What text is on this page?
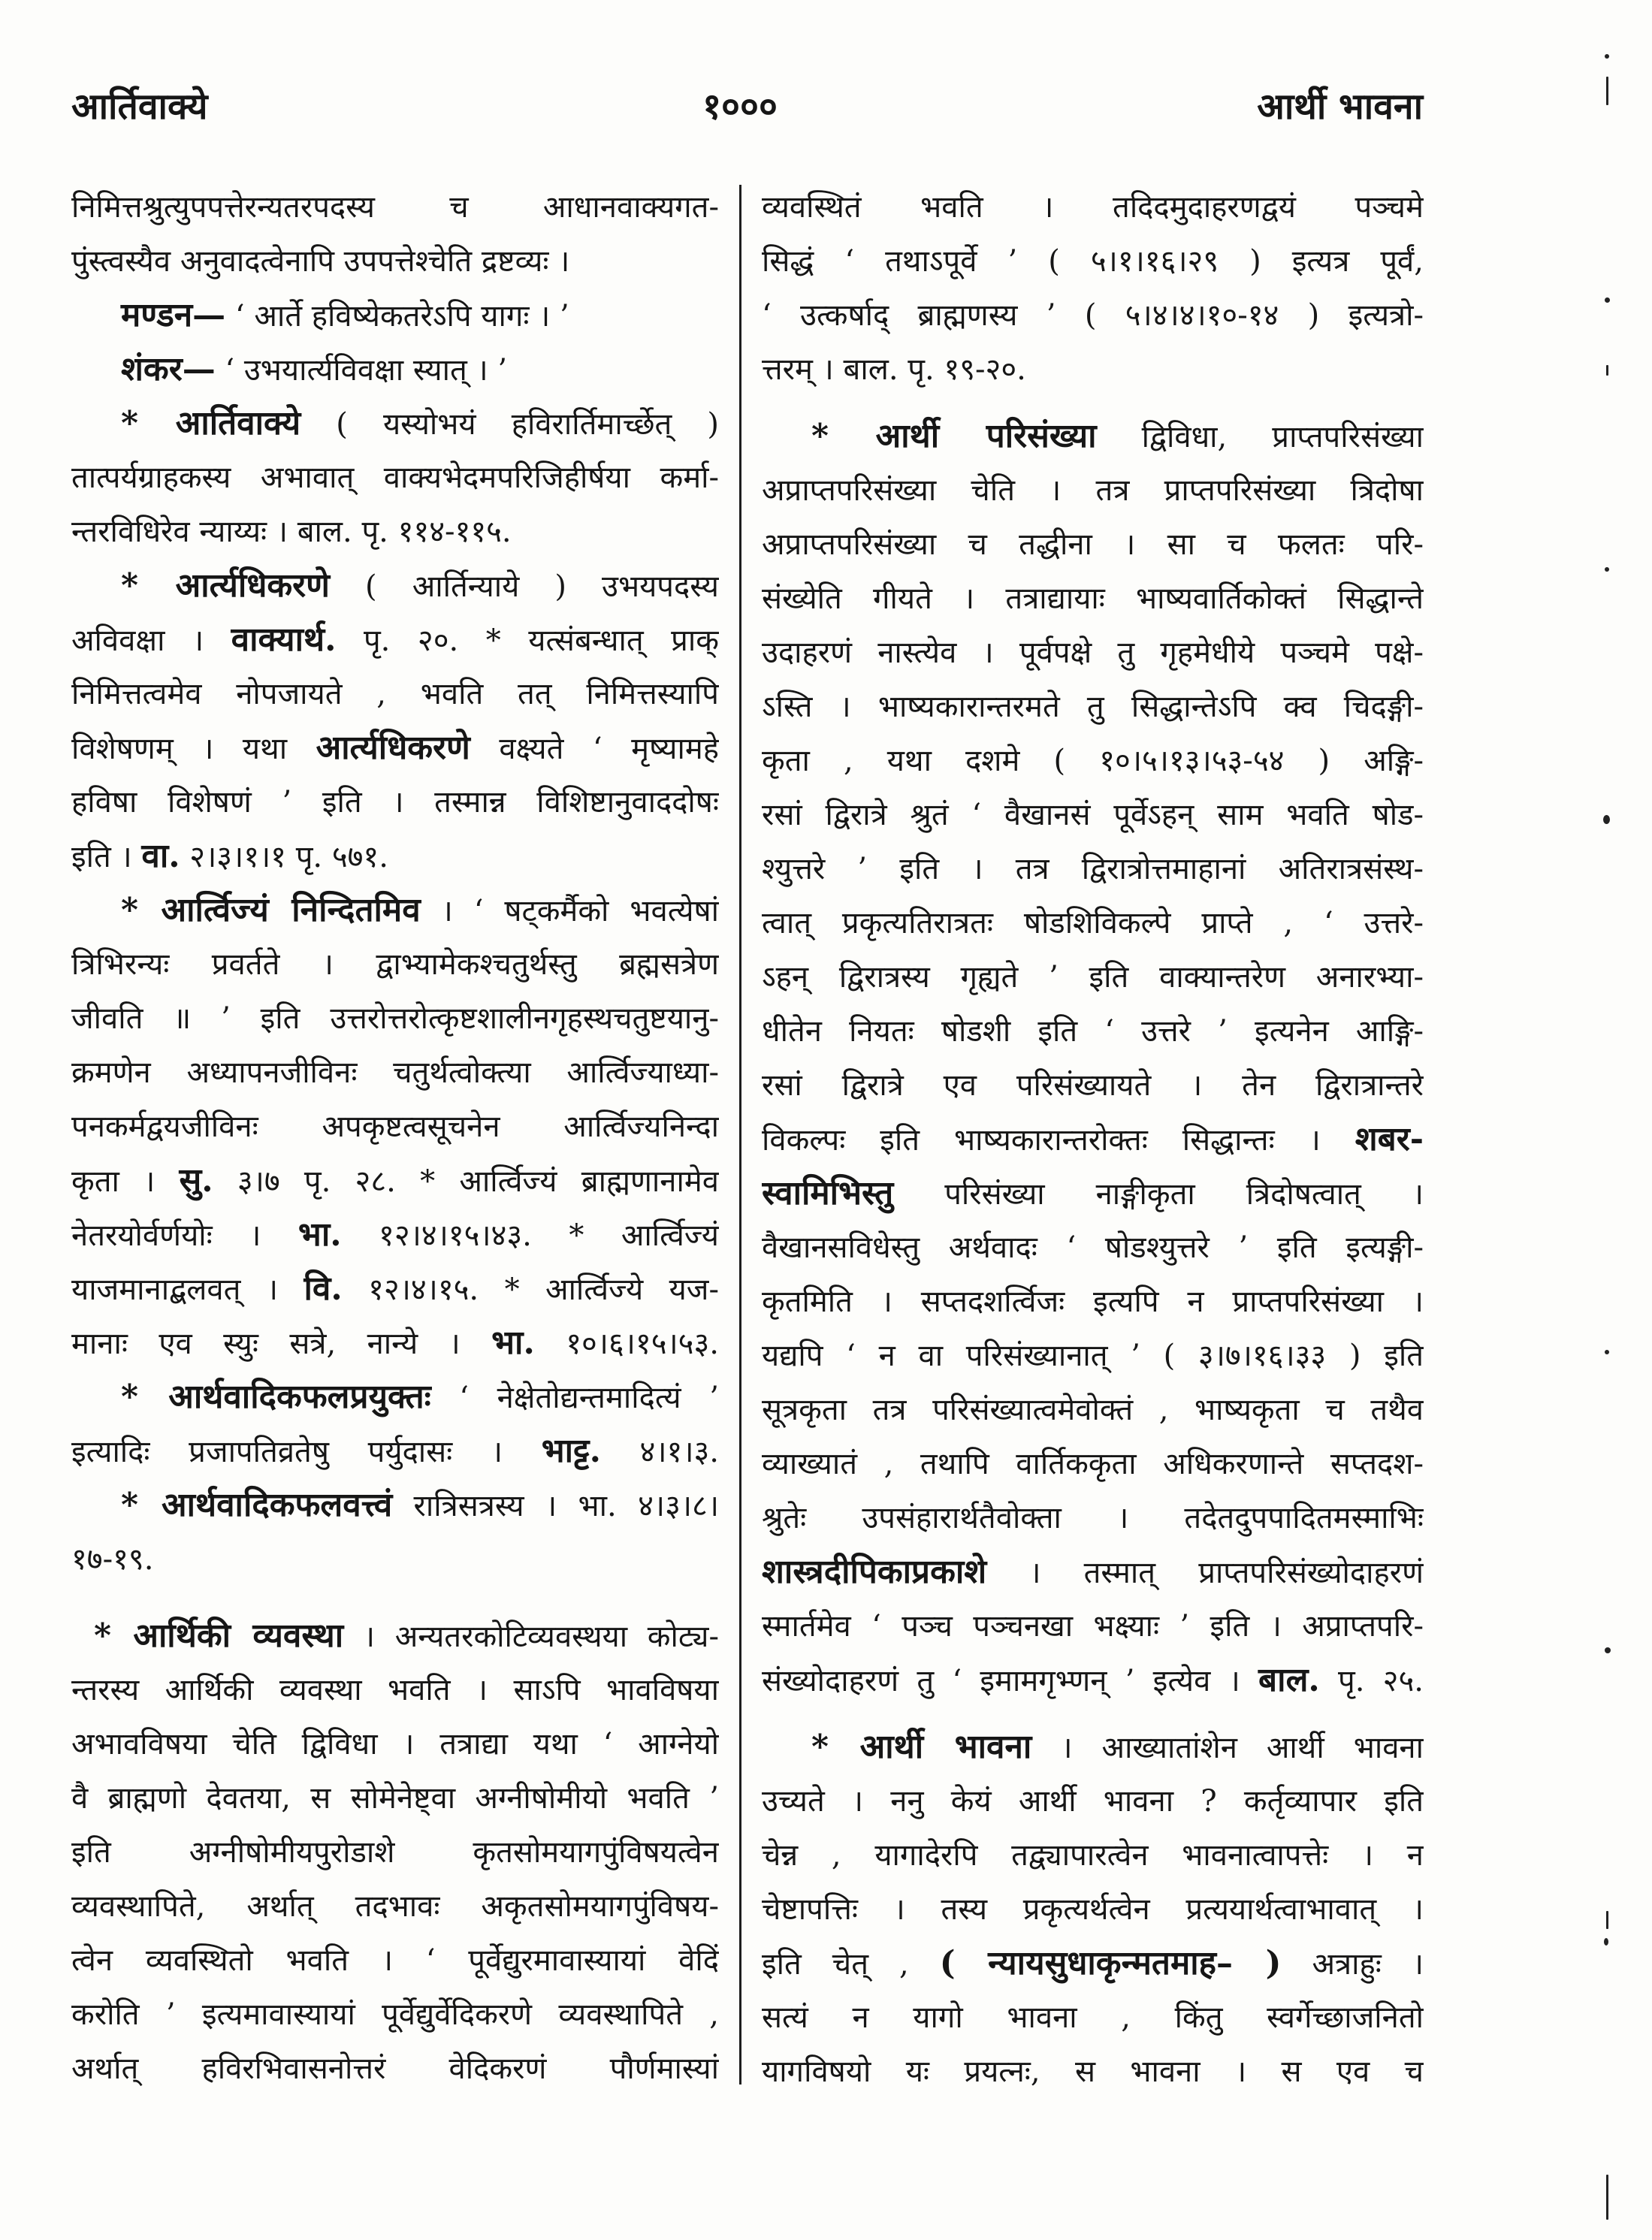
आर्तिवाक्ये	१०००	आर्थी भावना
निमित्तश्रुत्युपपत्तेरन्यतरपदस्य च आधानवाक्यगत-
पुंस्त्वस्यैव अनुवादत्वेनापि उपपत्तेश्चेति द्रष्टव्यः ।
मण्डन— ‘ आर्ते हविष्येकतरेऽपि यागः । ’
शंकर— ‘ उभयार्त्यविवक्षा स्यात् । ’
* आर्तिवाक्ये ( यस्योभयं हविरार्तिमार्च्छेत् )
तात्पर्यग्राहकस्य अभावात् वाक्यभेदमपरिजिहीर्षया कर्मा-
न्तरविधिरेव न्याय्यः । बाल. पृ. ११४-११५.
* आर्त्यधिकरणे ( आर्तिन्याये ) उभयपदस्य
अविवक्षा । वाक्यार्थ. पृ. २०. * यत्संबन्धात् प्राक्
निमित्तत्वमेव नोपजायते , भवति तत् निमित्तस्यापि
विशेषणम् । यथा आर्त्यधिकरणे वक्ष्यते ‘ मृष्यामहे
हविषा विशेषणं ’ इति । तस्मान्न विशिष्टानुवाददोषः
इति । वा. २।३।१।१ पृ. ५७१.
* आर्त्विज्यं निन्दितमिव । ‘ षट्कर्मैको भवत्येषां
त्रिभिरन्यः प्रवर्तते । द्वाभ्यामेकश्चतुर्थस्तु ब्रह्मसत्रेण
जीवति ॥ ’ इति उत्तरोत्तरोत्कृष्टशालीनगृहस्थचतुष्टयानु-
क्रमणेन अध्यापनजीविनः चतुर्थत्वोक्त्या आर्त्विज्याध्या-
पनकर्मद्वयजीविनः अपकृष्टत्वसूचनेन आर्त्विज्यनिन्दा
कृता । सु. ३।७ पृ. २८. * आर्त्विज्यं ब्राह्मणानामेव
नेतरयोर्वर्णयोः । भा. १२।४।१५।४३. * आर्त्विज्यं
याजमानाद्बलवत् । वि. १२।४।१५. * आर्त्विज्ये यज-
मानाः एव स्युः सत्रे, नान्ये । भा. १०।६।१५।५३.
* आर्थवादिकफलप्रयुक्तः ‘ नेक्षेतोद्यन्तमादित्यं ’
इत्यादिः प्रजापतिव्रतेषु पर्युदासः । भाट्ट. ४।१।३.
* आर्थवादिकफलवत्त्वं रात्रिसत्रस्य । भा. ४।३।८।
१७-१९.
* आर्थिकी व्यवस्था । अन्यतरकोटिव्यवस्थया कोट्य-
न्तरस्य आर्थिकी व्यवस्था भवति । साऽपि भावविषया
अभावविषया चेति द्विविधा । तत्राद्या यथा ‘ आग्नेयो
वै ब्राह्मणो देवतया, स सोमेनेष्ट्वा अग्नीषोमीयो भवति ’
इति अग्नीषोमीयपुरोडाशे कृतसोमयागपुंविषयत्वेन
व्यवस्थापिते, अर्थात् तदभावः अकृतसोमयागपुंविषय-
त्वेन व्यवस्थितो भवति । ‘ पूर्वेद्युरमावास्यायां वेदिं
करोति ’ इत्यमावास्यायां पूर्वेद्युर्वेदिकरणे व्यवस्थापिते ,
अर्थात् हविरभिवासनोत्तरं वेदिकरणं पौर्णमास्यां
व्यवस्थितं भवति । तदिदमुदाहरणद्वयं पञ्चमे
सिद्धं ‘ तथाऽपूर्वे ’ ( ५।१।१६।२९ ) इत्यत्र पूर्वं,
‘ उत्कर्षाद् ब्राह्मणस्य ’ ( ५।४।४।१०-१४ ) इत्यत्रो-
त्तरम् । बाल. पृ. १९-२०.
* आर्थी परिसंख्या द्विविधा, प्राप्तपरिसंख्या
अप्राप्तपरिसंख्या चेति । तत्र प्राप्तपरिसंख्या त्रिदोषा
अप्राप्तपरिसंख्या च तद्धीना । सा च फलतः परि-
संख्येति गीयते । तत्राद्यायाः भाष्यवार्तिकोक्तं सिद्धान्ते
उदाहरणं नास्त्येव । पूर्वपक्षे तु गृहमेधीये पञ्चमे पक्षे-
ऽस्ति । भाष्यकारान्तरमते तु सिद्धान्तेऽपि क्व चिदङ्गी-
कृता , यथा दशमे ( १०।५।१३।५३-५४ ) अङ्गि-
रसां द्विरात्रे श्रुतं ‘ वैखानसं पूर्वेऽहन् साम भवति षोड-
श्युत्तरे ’ इति । तत्र द्विरात्रोत्तमाहानां अतिरात्रसंस्थ-
त्वात् प्रकृत्यतिरात्रतः षोडशिविकल्पे प्राप्ते , ‘ उत्तरे-
ऽहन् द्विरात्रस्य गृह्यते ’ इति वाक्यान्तरेण अनारभ्या-
धीतेन नियतः षोडशी इति ‘ उत्तरे ’ इत्यनेन आङ्गि-
रसां द्विरात्रे एव परिसंख्यायते । तेन द्विरात्रान्तरे
विकल्पः इति भाष्यकारान्तरोक्तः सिद्धान्तः । शबर-
स्वामिभिस्तु परिसंख्या नाङ्गीकृता त्रिदोषत्वात् ।
वैखानसविधेस्तु अर्थवादः ‘ षोडश्युत्तरे ’ इति इत्यङ्गी-
कृतमिति । सप्तदशर्त्विजः इत्यपि न प्राप्तपरिसंख्या ।
यद्यपि ‘ न वा परिसंख्यानात् ’ ( ३।७।१६।३३ ) इति
सूत्रकृता तत्र परिसंख्यात्वमेवोक्तं , भाष्यकृता च तथैव
व्याख्यातं , तथापि वार्तिककृता अधिकरणान्ते सप्तदश-
श्रुतेः उपसंहारार्थतैवोक्ता । तदेतदुपपादितमस्माभिः
शास्त्रदीपिकाप्रकाशे । तस्मात् प्राप्तपरिसंख्योदाहरणं
स्मार्तमेव ‘ पञ्च पञ्चनखा भक्ष्याः ’ इति । अप्राप्तपरि-
संख्योदाहरणं तु ‘ इमामगृभ्णन् ’ इत्येव । बाल. पृ. २५.
* आर्थी भावना । आख्यातांशेन आर्थी भावना
उच्यते । ननु केयं आर्थी भावना ? कर्तृव्यापार इति
चेन्न , यागादेरपि तद्व्यापारत्वेन भावनात्वापत्तेः । न
चेष्टापत्तिः । तस्य प्रकृत्यर्थत्वेन प्रत्ययार्थत्वाभावात् ।
इति चेत् , ( न्यायसुधाकृन्मतमाह– ) अत्राहुः ।
सत्यं न यागो भावना , किंतु स्वर्गेच्छाजनितो
यागविषयो यः प्रयत्नः, स भावना । स एव च
